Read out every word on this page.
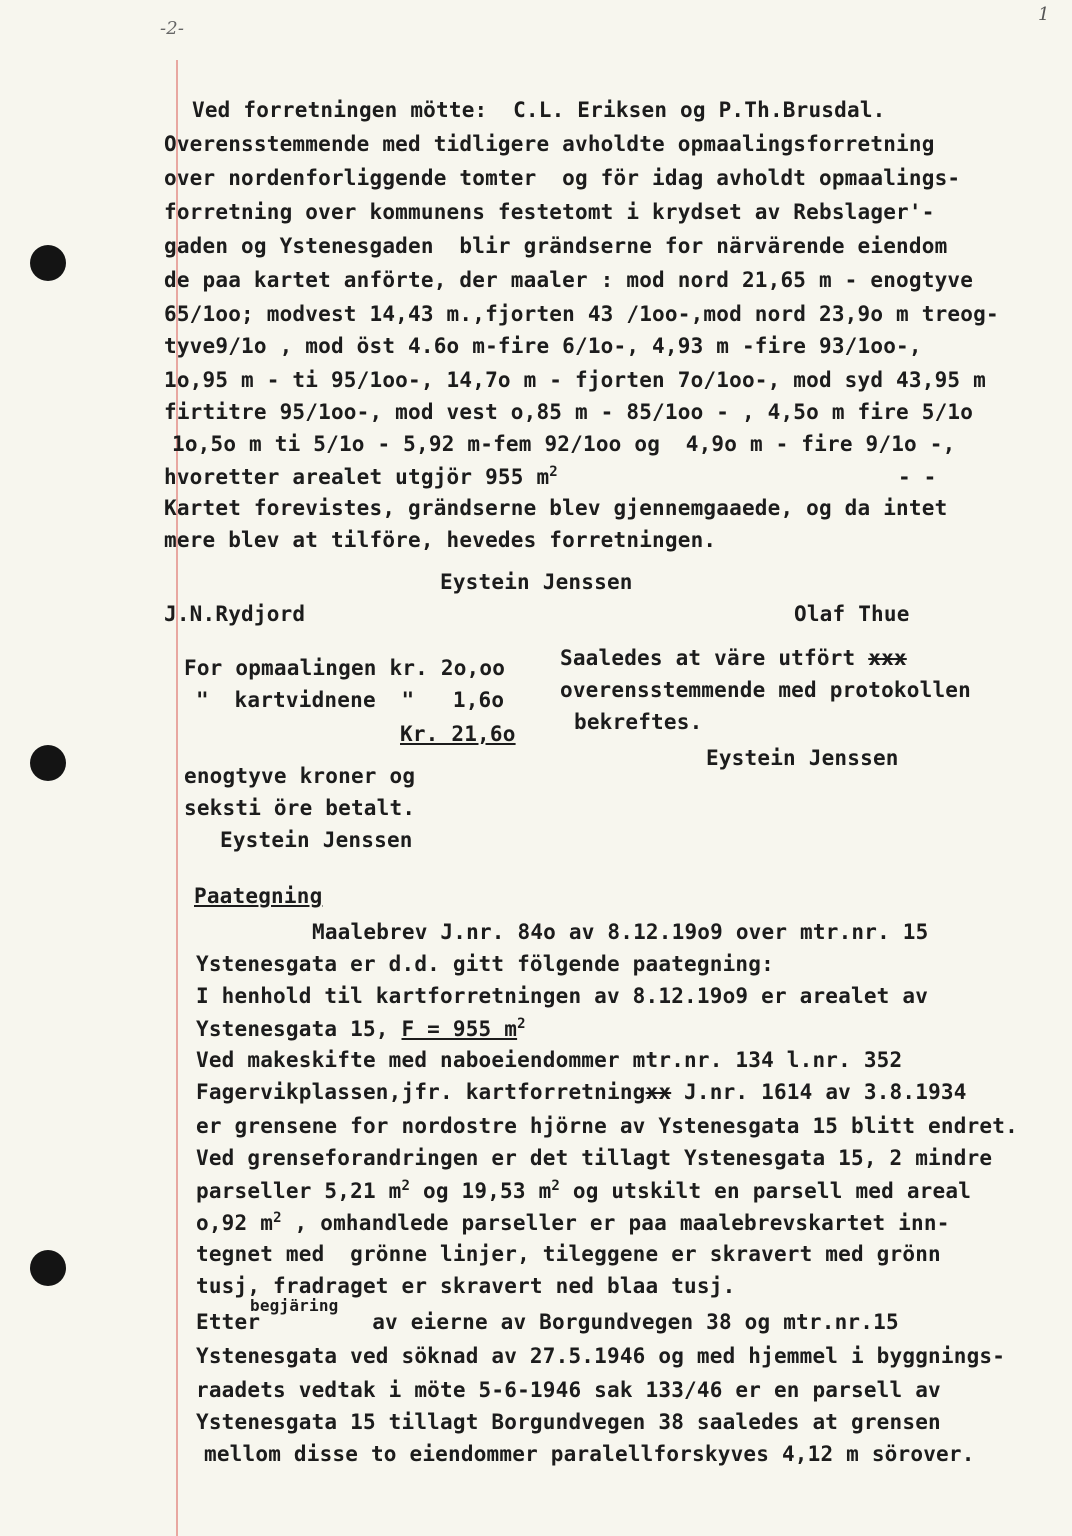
-2-
1
Ved forretningen mötte:  C.L. Eriksen og P.Th.Brusdal.
Overensstemmende med tidligere avholdte opmaalingsforretning
over nordenforliggende tomter  og för idag avholdt opmaalings-
forretning over kommunens festetomt i krydset av Rebslager'-
gaden og Ystenesgaden  blir grändserne for närvärende eiendom
de paa kartet anförte, der maaler : mod nord 21,65 m - enogtyve
65/1oo; modvest 14,43 m.,fjorten 43 /1oo-,mod nord 23,9o m treog-
tyve9/1o , mod öst 4.6o m-fire 6/1o-, 4,93 m -fire 93/1oo-,
1o,95 m - ti 95/1oo-, 14,7o m - fjorten 7o/1oo-, mod syd 43,95 m
firtitre 95/1oo-, mod vest o,85 m - 85/1oo - , 4,5o m fire 5/1o
1o,5o m ti 5/1o - 5,92 m-fem 92/1oo og  4,9o m - fire 9/1o -,
hvoretter arealet utgjör 955 $m^2$	- -
Kartet forevistes, grändserne blev gjennemgaaede, og da intet
mere blev at tilföre, hevedes forretningen.
Eystein Jenssen
J.N.Rydjord	Olaf Thue
For opmaalingen kr. 2o,oo
"  kartvidnene  "   1,6o
Kr. 21,6o
enogtyve kroner og
seksti öre betalt.
Eystein Jenssen
Saaledes at väre utfört xxx
overensstemmende med protokollen
bekreftes.
Eystein Jenssen
Paategning
Maalebrev J.nr. 84o av 8.12.19o9 over mtr.nr. 15
Ystenesgata er d.d. gitt fölgende paategning:
I henhold til kartforretningen av 8.12.19o9 er arealet av
Ystenesgata 15, F = 955 $m^2$
Ved makeskifte med naboeiendommer mtr.nr. 134 l.nr. 352
Fagervikplassen,jfr. kartforretningxx J.nr. 1614 av 3.8.1934
er grensene for nordostre hjörne av Ystenesgata 15 blitt endret.
Ved grenseforandringen er det tillagt Ystenesgata 15, 2 mindre
parseller 5,21 $m^2$ og 19,53 $m^2$ og utskilt en parsell med areal
o,92 $m^2$ , omhandlede parseller er paa maalebrevskartet inn-
tegnet med  grönne linjer, tileggene er skravert med grönn
tusj, fradraget er skravert ned blaa tusj.
begjäring
Etter	av eierne av Borgundvegen 38 og mtr.nr.15
Ystenesgata ved söknad av 27.5.1946 og med hjemmel i byggnings-
raadets vedtak i möte 5-6-1946 sak 133/46 er en parsell av
Ystenesgata 15 tillagt Borgundvegen 38 saaledes at grensen
mellom disse to eiendommer paralellforskyves 4,12 m sörover.
